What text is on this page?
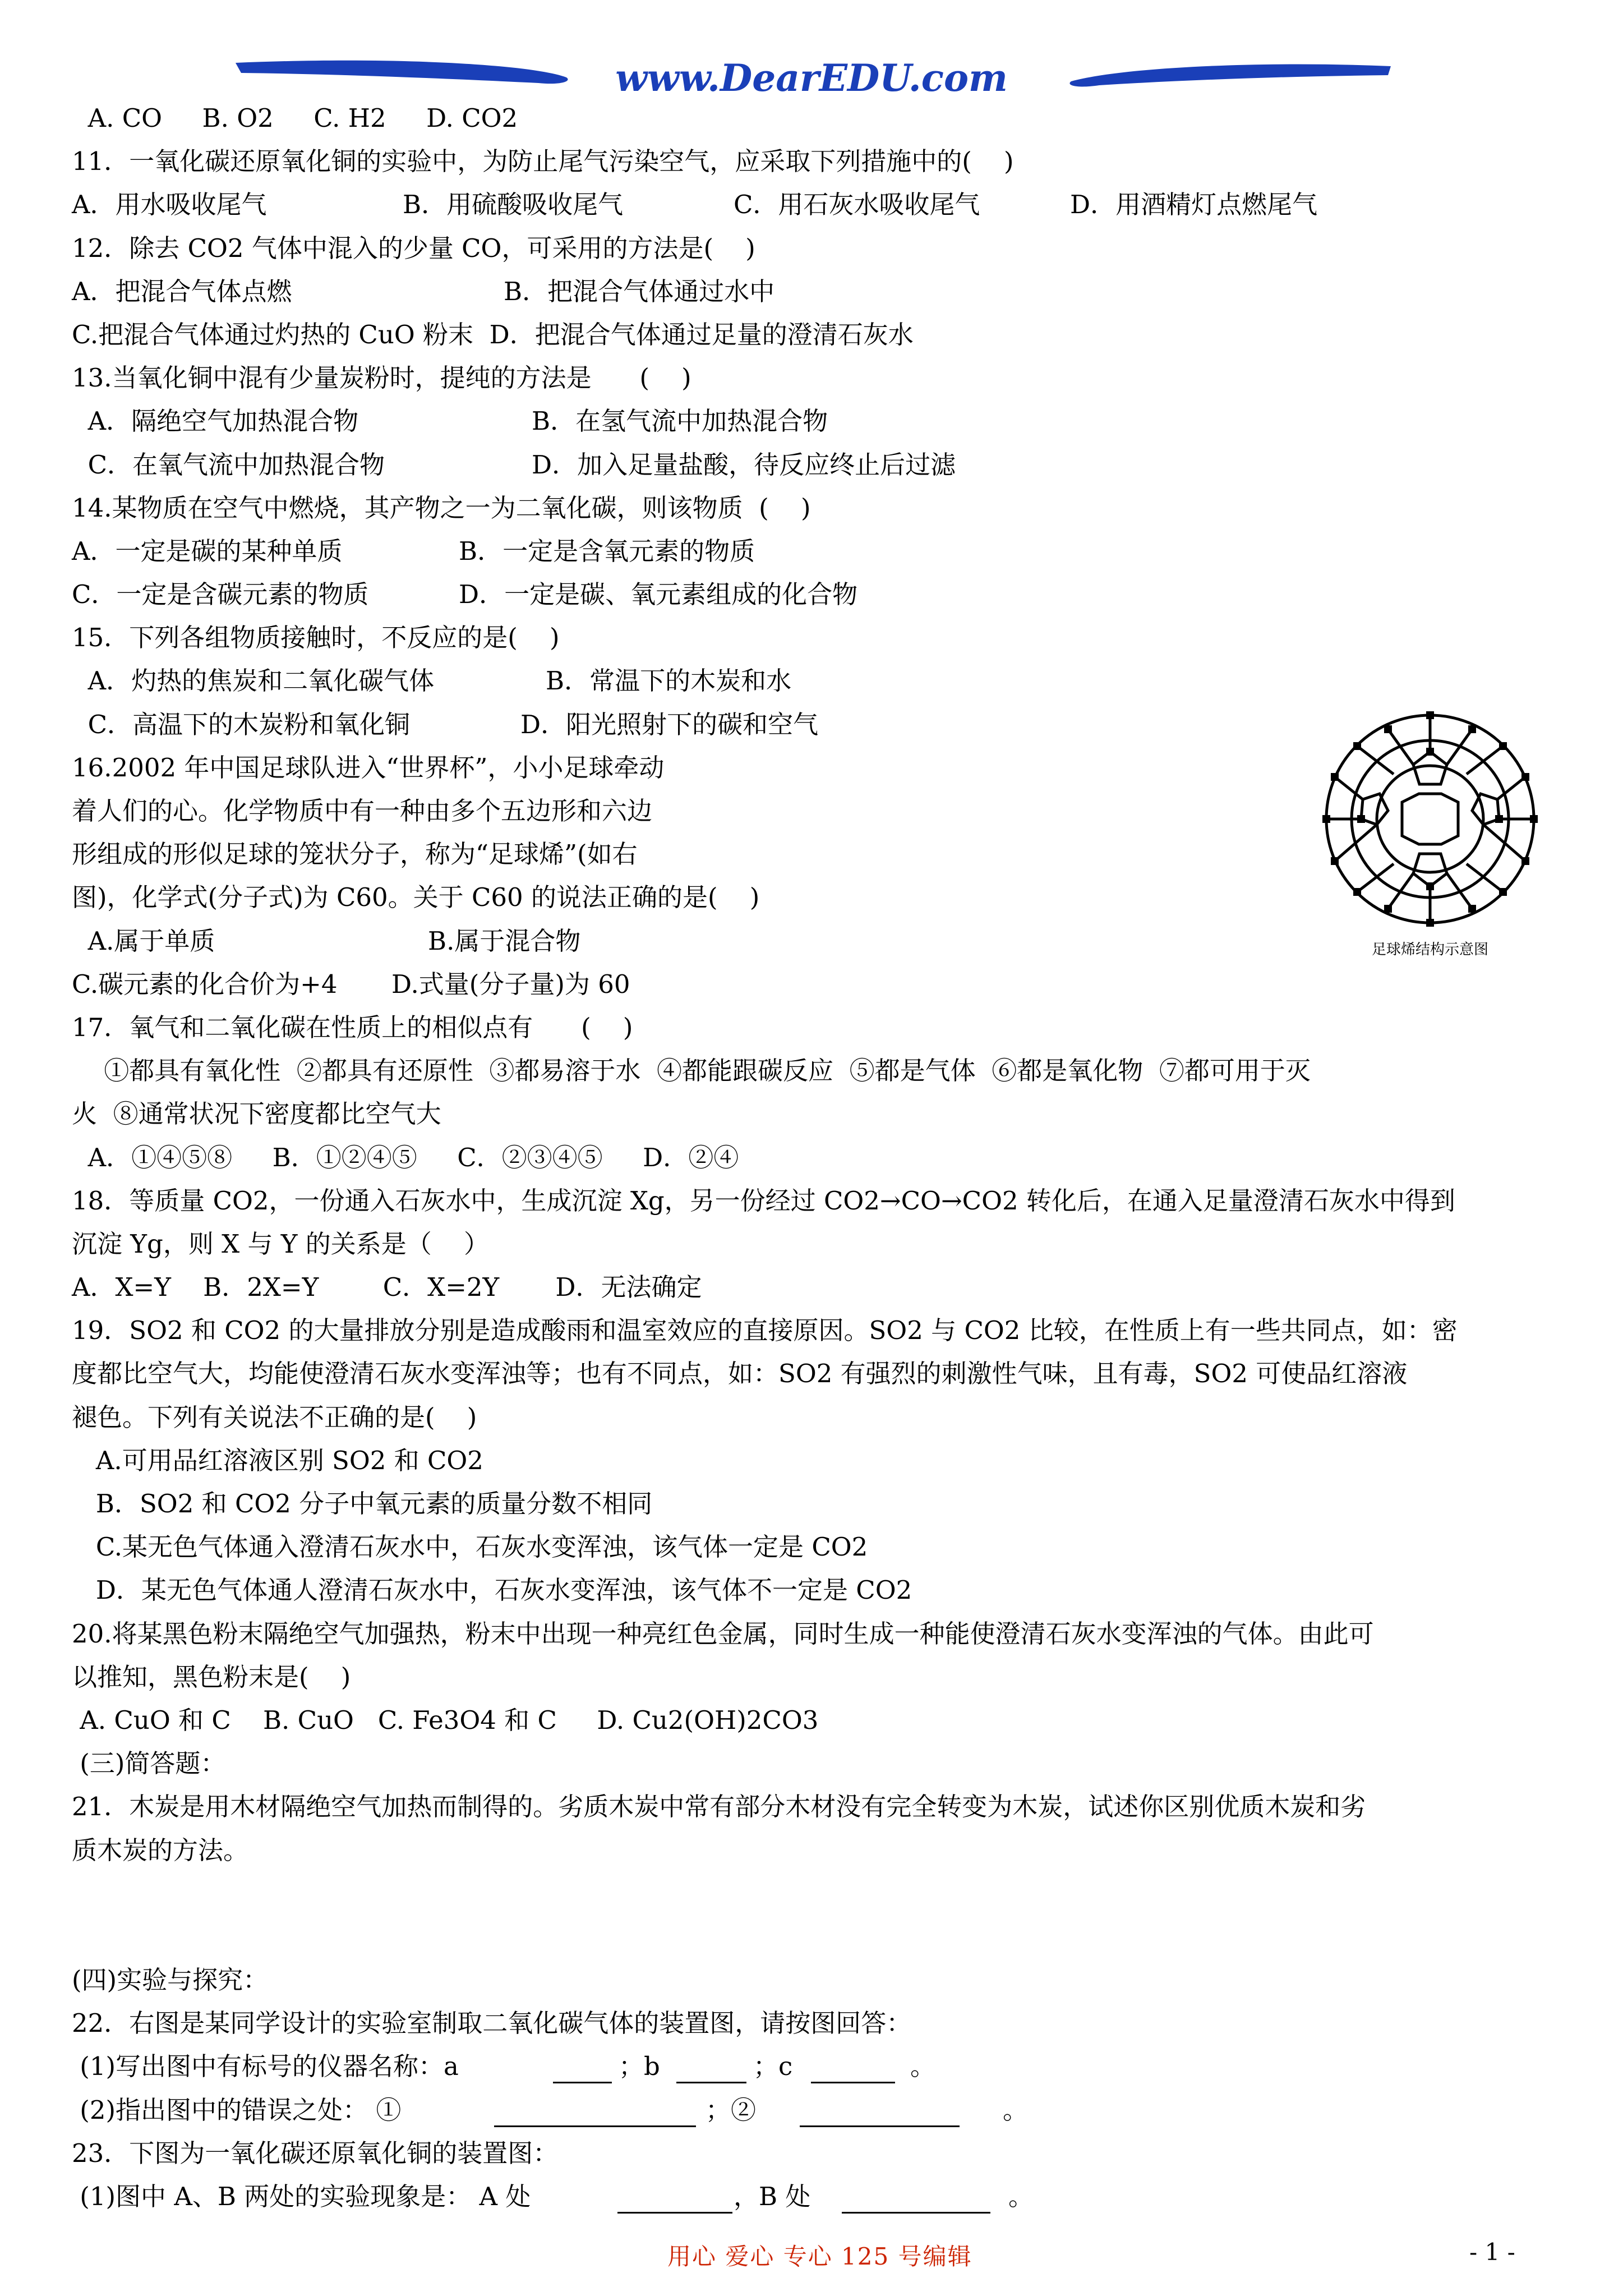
www.DearEDU.com
A. CO     B. O2     C. H2     D. CO2
11．一氧化碳还原氧化铜的实验中，为防止尾气污染空气，应采取下列措施中的(    )
A．用水吸收尾气	B．用硫酸吸收尾气	C．用石灰水吸收尾气	D．用酒精灯点燃尾气
12．除去 CO2 气体中混入的少量 CO，可采用的方法是(    )
A．把混合气体点燃	B．把混合气体通过水中
C.把混合气体通过灼热的 CuO 粉末  D．把混合气体通过足量的澄清石灰水
13.当氧化铜中混有少量炭粉时，提纯的方法是      (    )
A．隔绝空气加热混合物	B．在氢气流中加热混合物
C．在氧气流中加热混合物	D．加入足量盐酸，待反应终止后过滤
14.某物质在空气中燃烧，其产物之一为二氧化碳，则该物质  (    )
A．一定是碳的某种单质	B．一定是含氧元素的物质
C．一定是含碳元素的物质	D．一定是碳、氧元素组成的化合物
15．下列各组物质接触时，不反应的是(    )
A．灼热的焦炭和二氧化碳气体	B．常温下的木炭和水
C．高温下的木炭粉和氧化铜	D．阳光照射下的碳和空气
16.2002 年中国足球队进入“世界杯”，小小足球牵动
着人们的心。化学物质中有一种由多个五边形和六边
形组成的形似足球的笼状分子，称为“足球烯”(如右
图)，化学式(分子式)为 C60。关于 C60 的说法正确的是(    )
A.属于单质	B.属于混合物
C.碳元素的化合价为+4 D.式量(分子量)为 60
17．氧气和二氧化碳在性质上的相似点有      (    )
①都具有氧化性  ②都具有还原性  ③都易溶于水  ④都能跟碳反应  ⑤都是气体  ⑥都是氧化物  ⑦都可用于灭
火  ⑧通常状况下密度都比空气大
A．①④⑤⑧     B．①②④⑤     C．②③④⑤     D．②④
18．等质量 CO2，一份通入石灰水中，生成沉淀 Xg，另一份经过 CO2→CO→CO2 转化后，在通入足量澄清石灰水中得到
沉淀 Yg，则 X 与 Y 的关系是（    ）
A．X=Y    B．2X=Y        C．X=2Y       D．无法确定
19．SO2 和 CO2 的大量排放分别是造成酸雨和温室效应的直接原因。SO2 与 CO2 比较，在性质上有一些共同点，如：密
度都比空气大，均能使澄清石灰水变浑浊等；也有不同点，如：SO2 有强烈的刺激性气味，且有毒，SO2 可使品红溶液
褪色。下列有关说法不正确的是(    )
A.可用品红溶液区别 SO2 和 CO2
B．SO2 和 CO2 分子中氧元素的质量分数不相同
C.某无色气体通入澄清石灰水中，石灰水变浑浊，该气体一定是 CO2
D．某无色气体通人澄清石灰水中，石灰水变浑浊，该气体不一定是 CO2
20.将某黑色粉末隔绝空气加强热，粉末中出现一种亮红色金属，同时生成一种能使澄清石灰水变浑浊的气体。由此可
以推知，黑色粉末是(    )
A. CuO 和 C    B. CuO   C. Fe3O4 和 C     D. Cu2(OH)2CO3
(三)简答题：
21．木炭是用木材隔绝空气加热而制得的。劣质木炭中常有部分木材没有完全转变为木炭，试述你区别优质木炭和劣
质木炭的方法。
(四)实验与探究：
22．右图是某同学设计的实验室制取二氧化碳气体的装置图，请按图回答：
(1)写出图中有标号的仪器名称：a	；b	；c	。
(2)指出图中的错误之处： ①	；②	。
23．下图为一氧化碳还原氧化铜的装置图：
(1)图中 A、B 两处的实验现象是： A 处	，B 处	。
足球烯结构示意图
用心 爱心 专心 125 号编辑	- 1 -
